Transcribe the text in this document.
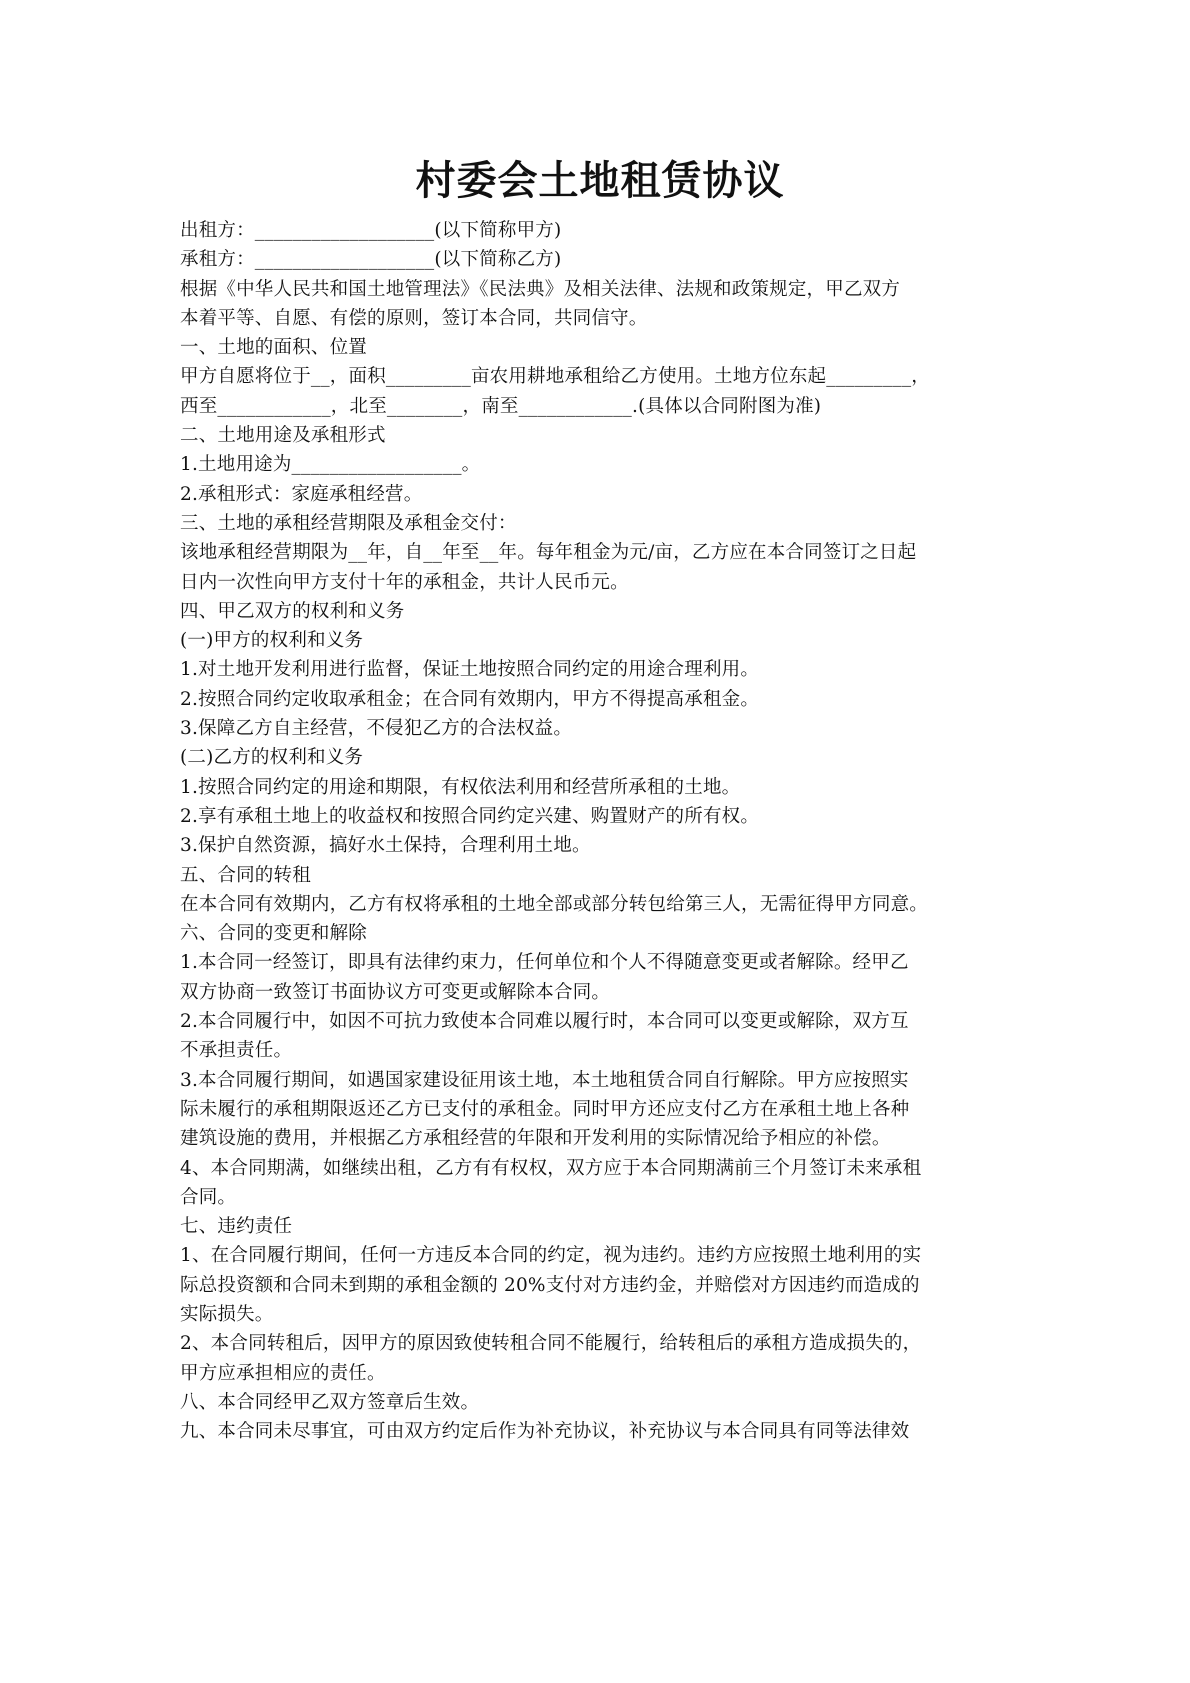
村委会土地租赁协议

出租方：___________________(以下简称甲方)

承租方：___________________(以下简称乙方)

根据《中华人民共和国土地管理法》《民法典》及相关法律、法规和政策规定，甲乙双方

本着平等、自愿、有偿的原则，签订本合同，共同信守。

一、土地的面积、位置

甲方自愿将位于__，面积_________亩农用耕地承租给乙方使用。土地方位东起_________，

西至____________，北至________，南至____________.(具体以合同附图为准)

二、土地用途及承租形式

1.土地用途为__________________。

2.承租形式：家庭承租经营。

三、土地的承租经营期限及承租金交付：

该地承租经营期限为__年，自__年至__年。每年租金为元/亩，乙方应在本合同签订之日起

日内一次性向甲方支付十年的承租金，共计人民币元。

四、甲乙双方的权利和义务

(一)甲方的权利和义务

1.对土地开发利用进行监督，保证土地按照合同约定的用途合理利用。

2.按照合同约定收取承租金；在合同有效期内，甲方不得提高承租金。

3.保障乙方自主经营，不侵犯乙方的合法权益。

(二)乙方的权利和义务

1.按照合同约定的用途和期限，有权依法利用和经营所承租的土地。

2.享有承租土地上的收益权和按照合同约定兴建、购置财产的所有权。

3.保护自然资源，搞好水土保持，合理利用土地。

五、合同的转租

在本合同有效期内，乙方有权将承租的土地全部或部分转包给第三人，无需征得甲方同意。

六、合同的变更和解除

1.本合同一经签订，即具有法律约束力，任何单位和个人不得随意变更或者解除。经甲乙

双方协商一致签订书面协议方可变更或解除本合同。

2.本合同履行中，如因不可抗力致使本合同难以履行时，本合同可以变更或解除，双方互

不承担责任。

3.本合同履行期间，如遇国家建设征用该土地，本土地租赁合同自行解除。甲方应按照实

际未履行的承租期限返还乙方已支付的承租金。同时甲方还应支付乙方在承租土地上各种

建筑设施的费用，并根据乙方承租经营的年限和开发利用的实际情况给予相应的补偿。

4、本合同期满，如继续出租，乙方有有权权，双方应于本合同期满前三个月签订未来承租

合同。

七、违约责任

1、在合同履行期间，任何一方违反本合同的约定，视为违约。违约方应按照土地利用的实

际总投资额和合同未到期的承租金额的 20%支付对方违约金，并赔偿对方因违约而造成的

实际损失。

2、本合同转租后，因甲方的原因致使转租合同不能履行，给转租后的承租方造成损失的，

甲方应承担相应的责任。

八、本合同经甲乙双方签章后生效。

九、本合同未尽事宜，可由双方约定后作为补充协议，补充协议与本合同具有同等法律效
